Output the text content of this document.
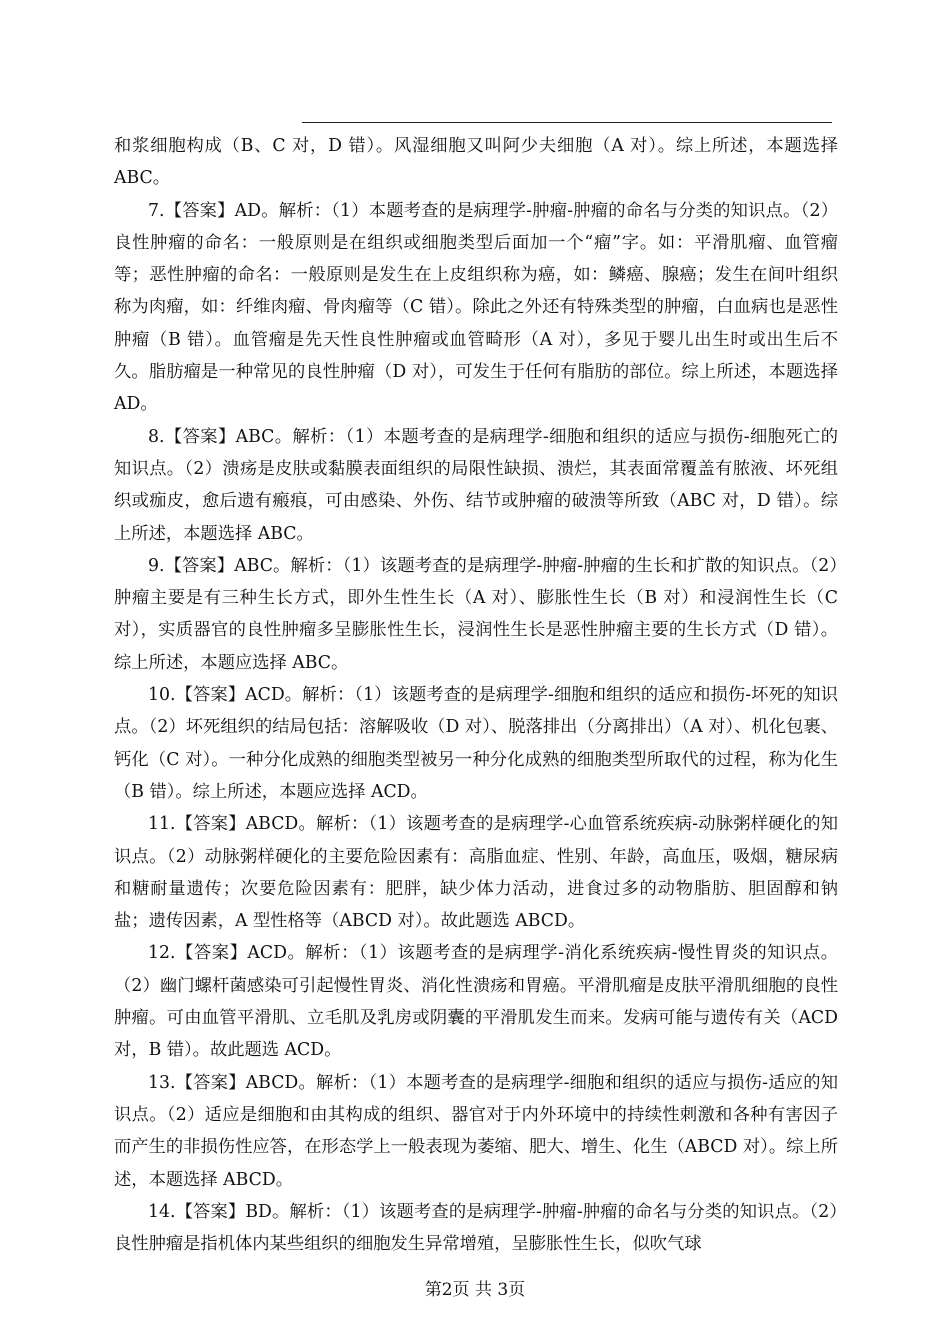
和浆细胞构成（B、C 对，D 错）。风湿细胞又叫阿少夫细胞（A 对）。综上所述，本题选择 ABC。

7.【答案】AD。解析：（1）本题考查的是病理学-肿瘤-肿瘤的命名与分类的知识点。（2）良性肿瘤的命名：一般原则是在组织或细胞类型后面加一个“瘤”字。如：平滑肌瘤、血管瘤等；恶性肿瘤的命名：一般原则是发生在上皮组织称为癌，如：鳞癌、腺癌；发生在间叶组织称为肉瘤，如：纤维肉瘤、骨肉瘤等（C 错）。除此之外还有特殊类型的肿瘤，白血病也是恶性肿瘤（B 错）。血管瘤是先天性良性肿瘤或血管畸形（A 对），多见于婴儿出生时或出生后不久。脂肪瘤是一种常见的良性肿瘤（D 对），可发生于任何有脂肪的部位。综上所述，本题选择 AD。

8.【答案】ABC。解析：（1）本题考查的是病理学-细胞和组织的适应与损伤-细胞死亡的知识点。（2）溃疡是皮肤或黏膜表面组织的局限性缺损、溃烂，其表面常覆盖有脓液、坏死组织或痂皮，愈后遗有瘢痕，可由感染、外伤、结节或肿瘤的破溃等所致（ABC 对，D 错）。综上所述，本题选择 ABC。

9.【答案】ABC。解析：（1）该题考查的是病理学-肿瘤-肿瘤的生长和扩散的知识点。（2）肿瘤主要是有三种生长方式，即外生性生长（A 对）、膨胀性生长（B 对）和浸润性生长（C 对），实质器官的良性肿瘤多呈膨胀性生长，浸润性生长是恶性肿瘤主要的生长方式（D 错）。综上所述，本题应选择 ABC。

10.【答案】ACD。解析：（1）该题考查的是病理学-细胞和组织的适应和损伤-坏死的知识点。（2）坏死组织的结局包括：溶解吸收（D 对）、脱落排出（分离排出）（A 对）、机化包裹、钙化（C 对）。一种分化成熟的细胞类型被另一种分化成熟的细胞类型所取代的过程，称为化生（B 错）。综上所述，本题应选择 ACD。

11.【答案】ABCD。解析：（1）该题考查的是病理学-心血管系统疾病-动脉粥样硬化的知识点。（2）动脉粥样硬化的主要危险因素有：高脂血症、性别、年龄，高血压，吸烟，糖尿病和糖耐量遗传；次要危险因素有：肥胖，缺少体力活动，进食过多的动物脂肪、胆固醇和钠盐；遗传因素，A 型性格等（ABCD 对）。故此题选 ABCD。

12.【答案】ACD。解析：（1）该题考查的是病理学-消化系统疾病-慢性胃炎的知识点。（2）幽门螺杆菌感染可引起慢性胃炎、消化性溃疡和胃癌。平滑肌瘤是皮肤平滑肌细胞的良性肿瘤。可由血管平滑肌、立毛肌及乳房或阴囊的平滑肌发生而来。发病可能与遗传有关（ACD 对，B 错）。故此题选 ACD。

13.【答案】ABCD。解析：（1）本题考查的是病理学-细胞和组织的适应与损伤-适应的知识点。（2）适应是细胞和由其构成的组织、器官对于内外环境中的持续性刺激和各种有害因子而产生的非损伤性应答，在形态学上一般表现为萎缩、肥大、增生、化生（ABCD 对）。综上所述，本题选择 ABCD。

14.【答案】BD。解析：（1）该题考查的是病理学-肿瘤-肿瘤的命名与分类的知识点。（2）良性肿瘤是指机体内某些组织的细胞发生异常增殖，呈膨胀性生长，似吹气球

第2页 共 3页
